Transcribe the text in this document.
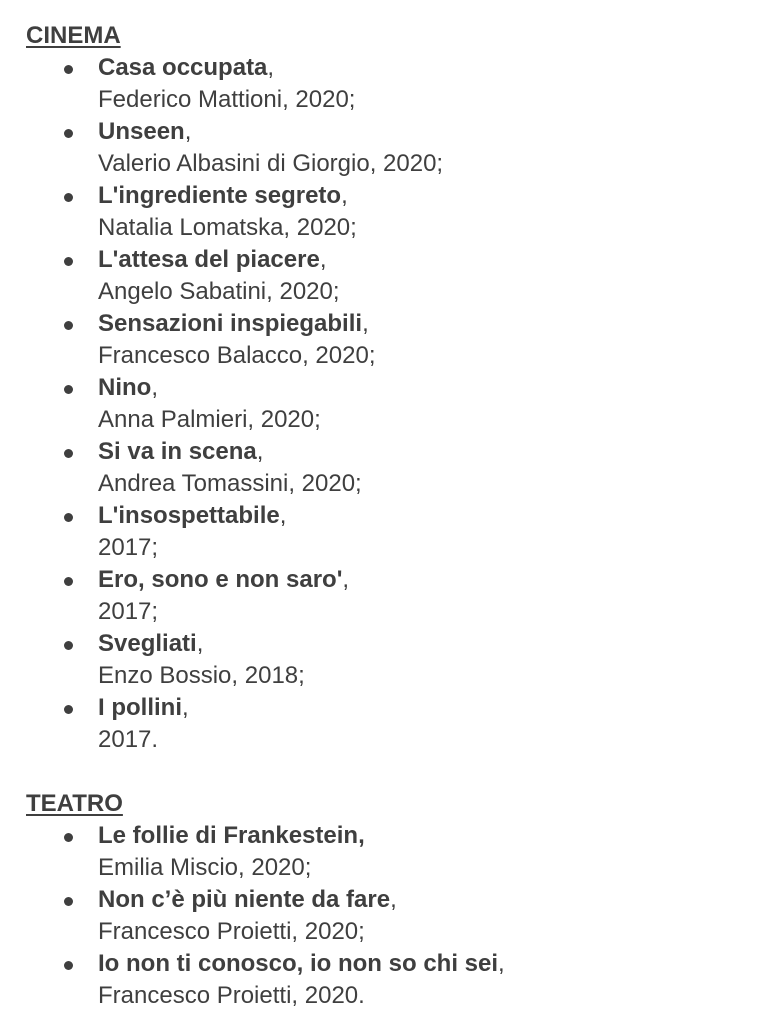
CINEMA
Casa occupata,
Federico Mattioni, 2020;
Unseen,
Valerio Albasini di Giorgio, 2020;
L'ingrediente segreto,
Natalia Lomatska, 2020;
L'attesa del piacere,
Angelo Sabatini, 2020;
Sensazioni inspiegabili,
Francesco Balacco, 2020;
Nino,
Anna Palmieri, 2020;
Si va in scena,
Andrea Tomassini, 2020;
L'insospettabile,
2017;
Ero, sono e non saro',
2017;
Svegliati,
Enzo Bossio, 2018;
I pollini,
2017.
TEATRO
Le follie di Frankestein,
Emilia Miscio, 2020;
Non c’è più niente da fare,
Francesco Proietti, 2020;
Io non ti conosco, io non so chi sei,
Francesco Proietti, 2020.
